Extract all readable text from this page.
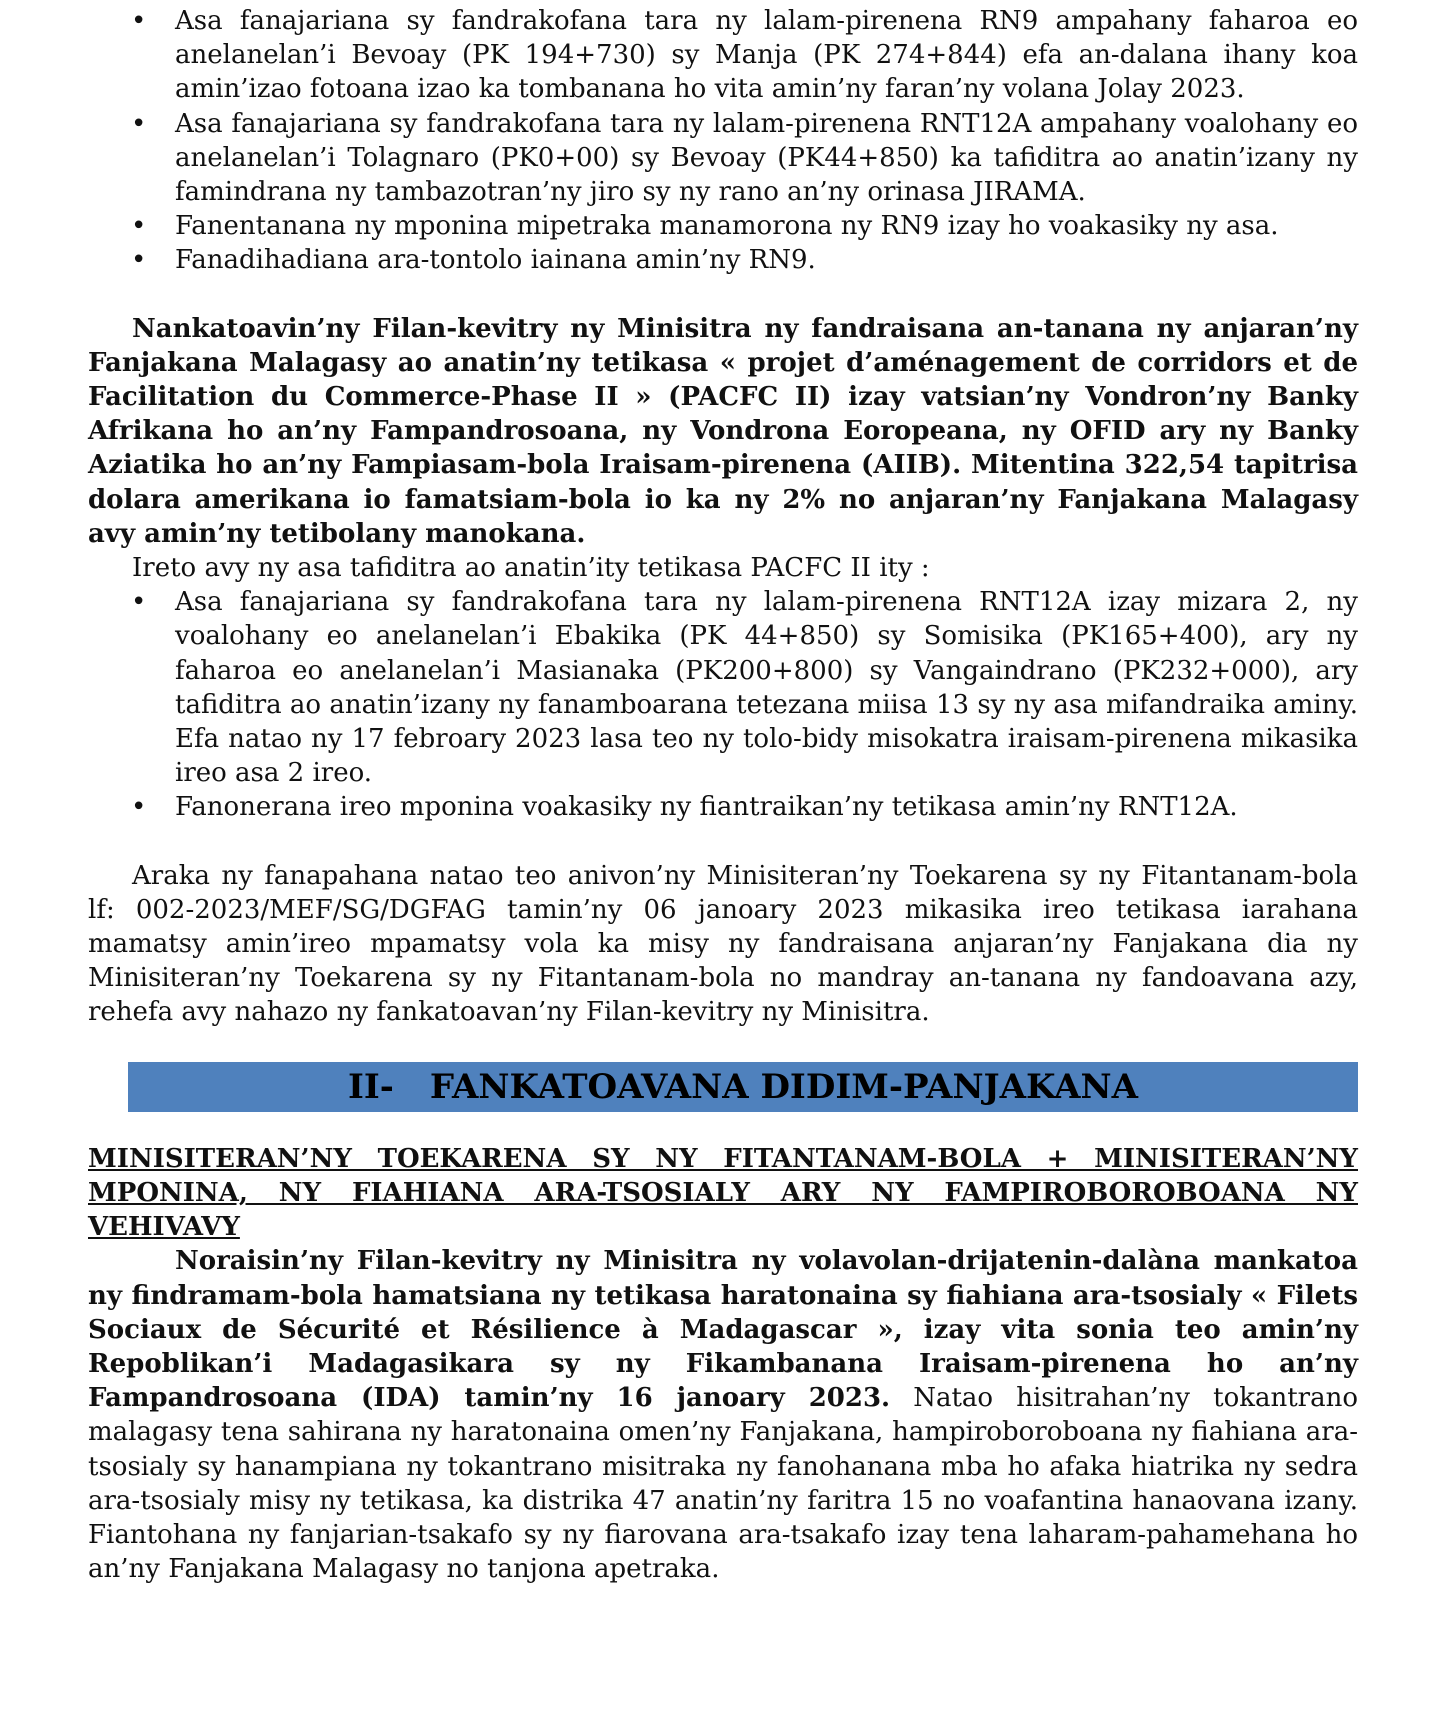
• Asa fanajariana sy fandrakofana tara ny lalam-pirenena RN9 ampahany faharoa eo anelanelan’i Bevoay (PK 194+730) sy Manja (PK 274+844) efa an-dalana ihany koa amin’izao fotoana izao ka tombanana ho vita amin’ny faran’ny volana Jolay 2023.
• Asa fanajariana sy fandrakofana tara ny lalam-pirenena RNT12A ampahany voalohany eo anelanelan’i Tolagnaro (PK0+00) sy Bevoay (PK44+850) ka tafiditra ao anatin’izany ny famindrana ny tambazotran’ny jiro sy ny rano an’ny orinasa JIRAMA.
• Fanentanana ny mponina mipetraka manamorona ny RN9 izay ho voakasiky ny asa.
• Fanadihadiana ara-tontolo iainana amin’ny RN9.

Nankatoavin’ny Filan-kevitry ny Minisitra ny fandraisana an-tanana ny anjaran’ny Fanjakana Malagasy ao anatin’ny tetikasa « projet d’aménagement de corridors et de Facilitation du Commerce-Phase II » (PACFC II) izay vatsian’ny Vondron’ny Banky Afrikana ho an’ny Fampandrosoana, ny Vondrona Eoropeana, ny OFID ary ny Banky Aziatika ho an’ny Fampiasam-bola Iraisam-pirenena (AIIB). Mitentina 322,54 tapitrisa dolara amerikana io famatsiam-bola io ka ny 2% no anjaran’ny Fanjakana Malagasy avy amin’ny tetibolany manokana.

Ireto avy ny asa tafiditra ao anatin’ity tetikasa PACFC II ity :

• Asa fanajariana sy fandrakofana tara ny lalam-pirenena RNT12A izay mizara 2, ny voalohany eo anelanelan’i Ebakika (PK 44+850) sy Somisika (PK165+400), ary ny faharoa eo anelanelan’i Masianaka (PK200+800) sy Vangaindrano (PK232+000), ary tafiditra ao anatin’izany ny fanamboarana tetezana miisa 13 sy ny asa mifandraika aminy. Efa natao ny 17 febroary 2023 lasa teo ny tolo-bidy misokatra iraisam-pirenena mikasika ireo asa 2 ireo.
• Fanonerana ireo mponina voakasiky ny fiantraikan’ny tetikasa amin’ny RNT12A.

Araka ny fanapahana natao teo anivon’ny Minisiteran’ny Toekarena sy ny Fitantanam-bola lf: 002-2023/MEF/SG/DGFAG tamin’ny 06 janoary 2023 mikasika ireo tetikasa iarahana mamatsy amin’ireo mpamatsy vola ka misy ny fandraisana anjaran’ny Fanjakana dia ny Minisiteran’ny Toekarena sy ny Fitantanam-bola no mandray an-tanana ny fandoavana azy, rehefa avy nahazo ny fankatoavan’ny Filan-kevitry ny Minisitra.

II- FANKATOAVANA DIDIM-PANJAKANA

MINISITERAN’NY TOEKARENA SY NY FITANTANAM-BOLA + MINISITERAN’NY MPONINA, NY FIAHIANA ARA-TSOSIALY ARY NY FAMPIROBOROBOANA NY VEHIVAVY

Noraisin’ny Filan-kevitry ny Minisitra ny volavolan-drijatenin-dalàna mankatoa ny findramam-bola hamatsiana ny tetikasa haratonaina sy fiahiana ara-tsosialy « Filets Sociaux de Sécurité et Résilience à Madagascar », izay vita sonia teo amin’ny Repoblikan’i Madagasikara sy ny Fikambanana Iraisam-pirenena ho an’ny Fampandrosoana (IDA) tamin’ny 16 janoary 2023. Natao hisitrahan’ny tokantrano malagasy tena sahirana ny haratonaina omen’ny Fanjakana, hampiroboroboana ny fiahiana ara-tsosialy sy hanampiana ny tokantrano misitraka ny fanohanana mba ho afaka hiatrika ny sedra ara-tsosialy misy ny tetikasa, ka distrika 47 anatin’ny faritra 15 no voafantina hanaovana izany. Fiantohana ny fanjarian-tsakafo sy ny fiarovana ara-tsakafo izay tena laharam-pahamehana ho an’ny Fanjakana Malagasy no tanjona apetraka.
